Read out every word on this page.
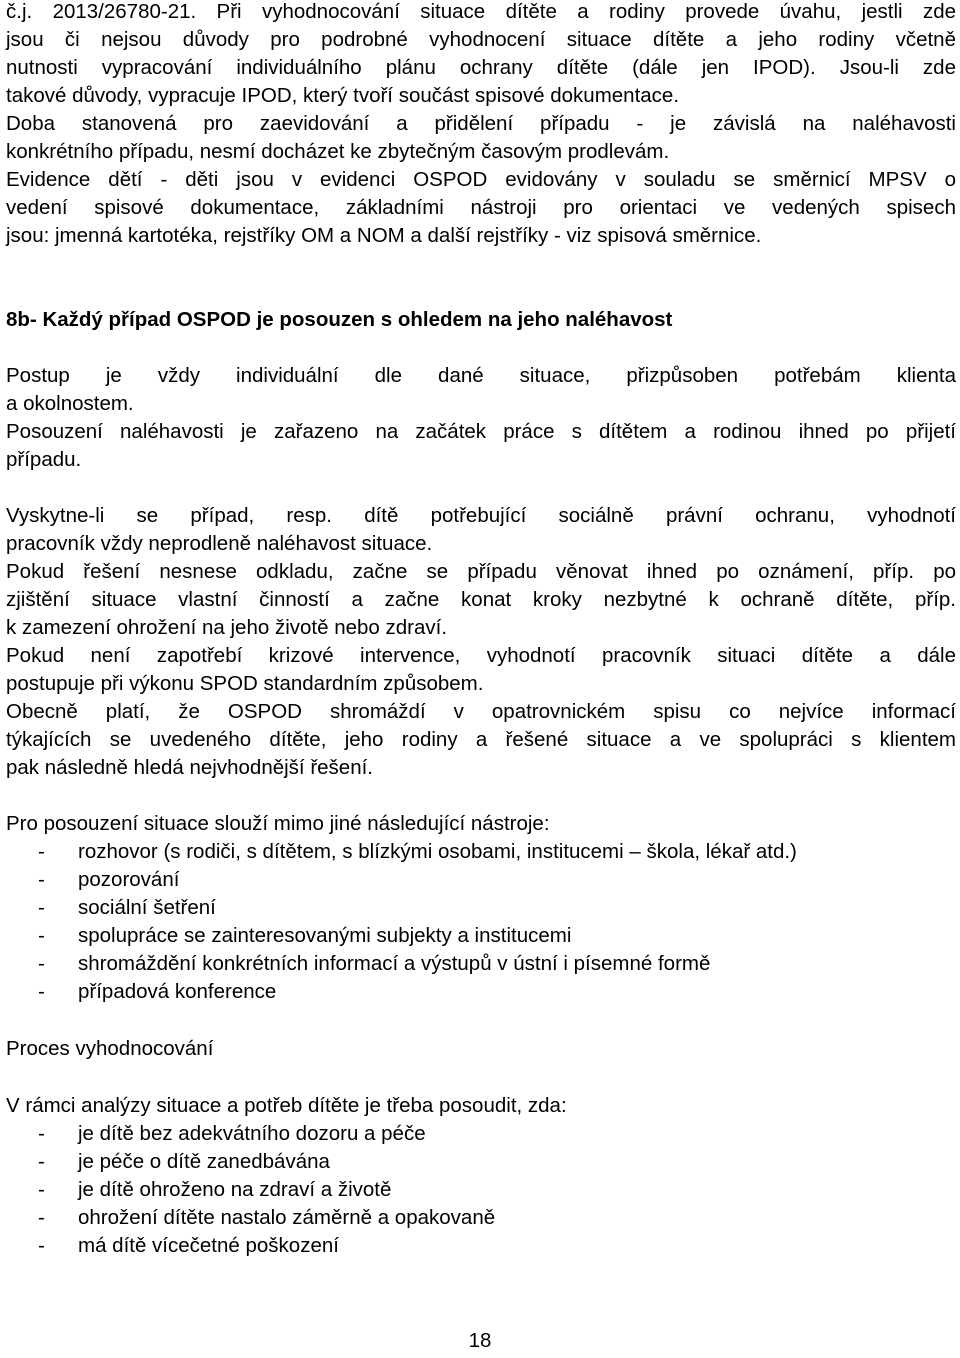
č.j. 2013/26780-21. Při vyhodnocování situace dítěte a rodiny provede úvahu, jestli zde
jsou či nejsou důvody pro podrobné vyhodnocení situace dítěte a jeho rodiny včetně
nutnosti vypracování individuálního plánu ochrany dítěte (dále jen IPOD). Jsou-li zde
takové důvody, vypracuje IPOD, který tvoří součást spisové dokumentace.
Doba stanovená pro zaevidování a přidělení případu - je závislá na naléhavosti
konkrétního případu, nesmí docházet ke zbytečným časovým prodlevám.
Evidence dětí - děti jsou v evidenci OSPOD evidovány v souladu se směrnicí MPSV o
vedení spisové dokumentace, základními nástroji pro orientaci ve vedených spisech
jsou: jmenná kartotéka, rejstříky OM a NOM a další rejstříky - viz spisová směrnice.
8b- Každý případ OSPOD je posouzen s ohledem na jeho naléhavost
Postup je vždy individuální dle dané situace, přizpůsoben potřebám klienta
a okolnostem.
Posouzení naléhavosti je zařazeno na začátek práce s dítětem a rodinou ihned po přijetí
případu.
Vyskytne-li se případ, resp. dítě potřebující sociálně právní ochranu, vyhodnotí
pracovník vždy neprodleně naléhavost situace.
Pokud řešení nesnese odkladu, začne se případu věnovat ihned po oznámení, příp. po
zjištění situace vlastní činností a začne konat kroky nezbytné k ochraně dítěte, příp.
k zamezení ohrožení na jeho životě nebo zdraví.
Pokud není zapotřebí krizové intervence, vyhodnotí pracovník situaci dítěte a dále
postupuje při výkonu SPOD standardním způsobem.
Obecně platí, že OSPOD shromáždí v opatrovnickém spisu co nejvíce informací
týkajících se uvedeného dítěte, jeho rodiny a řešené situace a ve spolupráci s klientem
pak následně hledá nejvhodnější řešení.
Pro posouzení situace slouží mimo jiné následující nástroje:
- rozhovor (s rodiči, s dítětem, s blízkými osobami, institucemi – škola, lékař atd.)
- pozorování
- sociální šetření
- spolupráce se zainteresovanými subjekty a institucemi
- shromáždění konkrétních informací a výstupů v ústní i písemné formě
- případová konference
Proces vyhodnocování
V rámci analýzy situace a potřeb dítěte je třeba posoudit, zda:
- je dítě bez adekvátního dozoru a péče
- je péče o dítě zanedbávána
- je dítě ohroženo na zdraví a životě
- ohrožení dítěte nastalo záměrně a opakovaně
- má dítě vícečetné poškození
18
